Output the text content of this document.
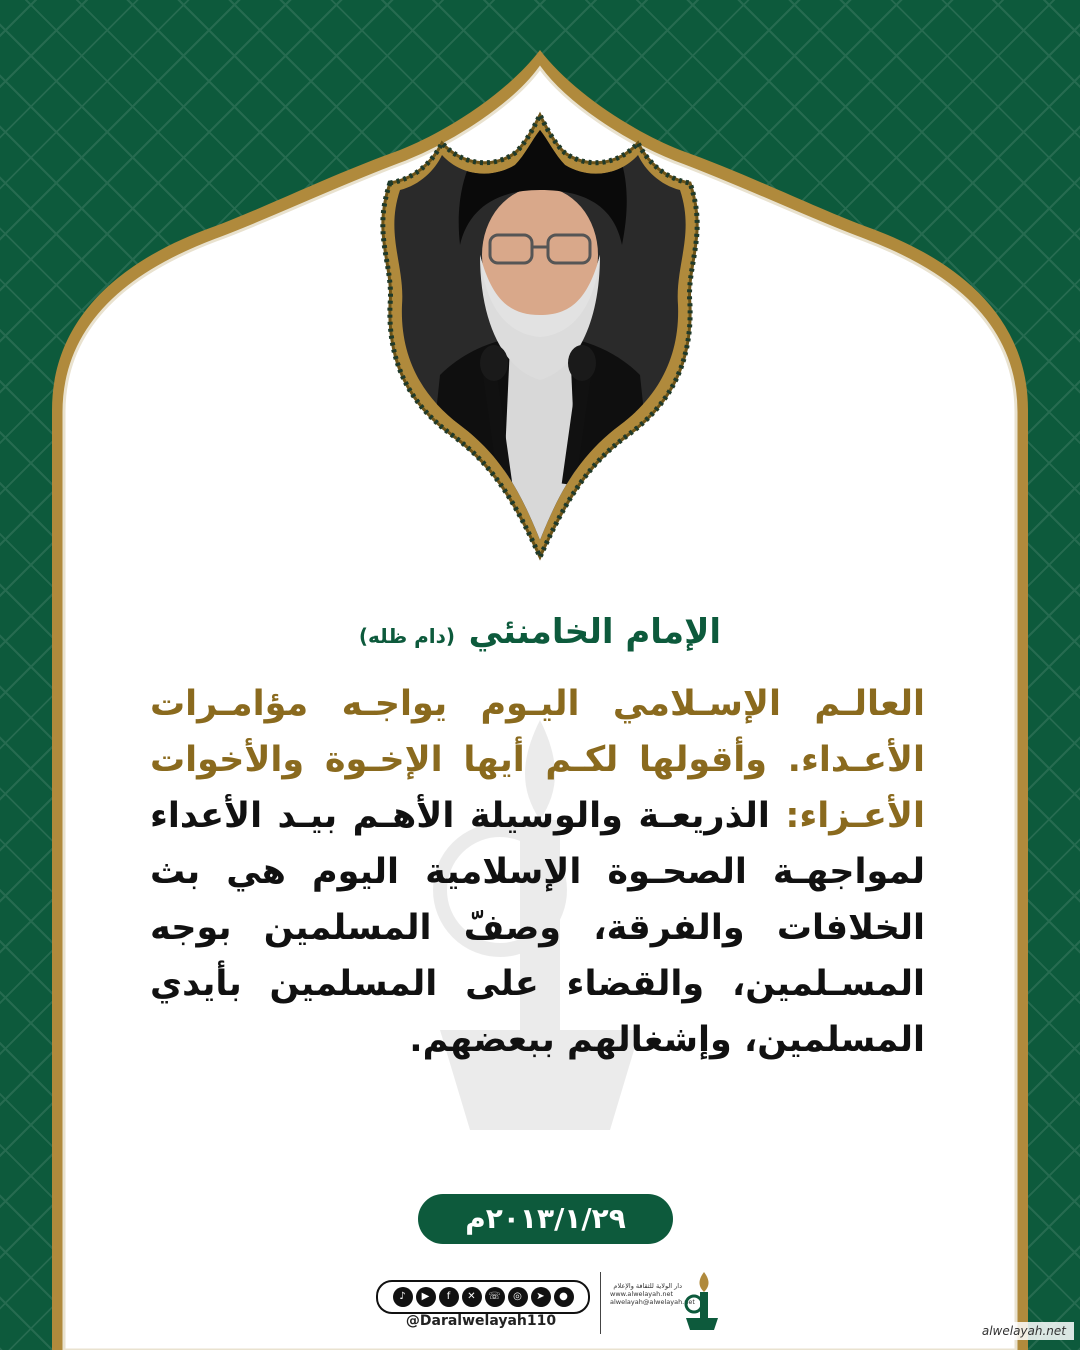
الإمام الخامنئي (دام ظله)
العالـم الإسـلامي اليـوم يواجـه مؤامـرات الأعـداء. وأقولها لكـم أيها الإخـوة والأخوات الأعـزاء: الذريعـة والوسيلة الأهـم بيـد الأعداء لمواجهـة الصحـوة الإسلامية اليوم هي بث الخلافات والفرقة، وصفّ المسلمين بوجه المسـلمين، والقضاء على المسلمين بأيدي المسلمين، وإشغالهم ببعضهم.
٢٠١٣/١/٢٩م
♪	▶	f	✕	☏	◎	➤	●
@Daralwelayah110
دار الولاية للثقافة والإعلام
www.alwelayah.net
alwelayah@alwelayah.net
alwelayah.net
